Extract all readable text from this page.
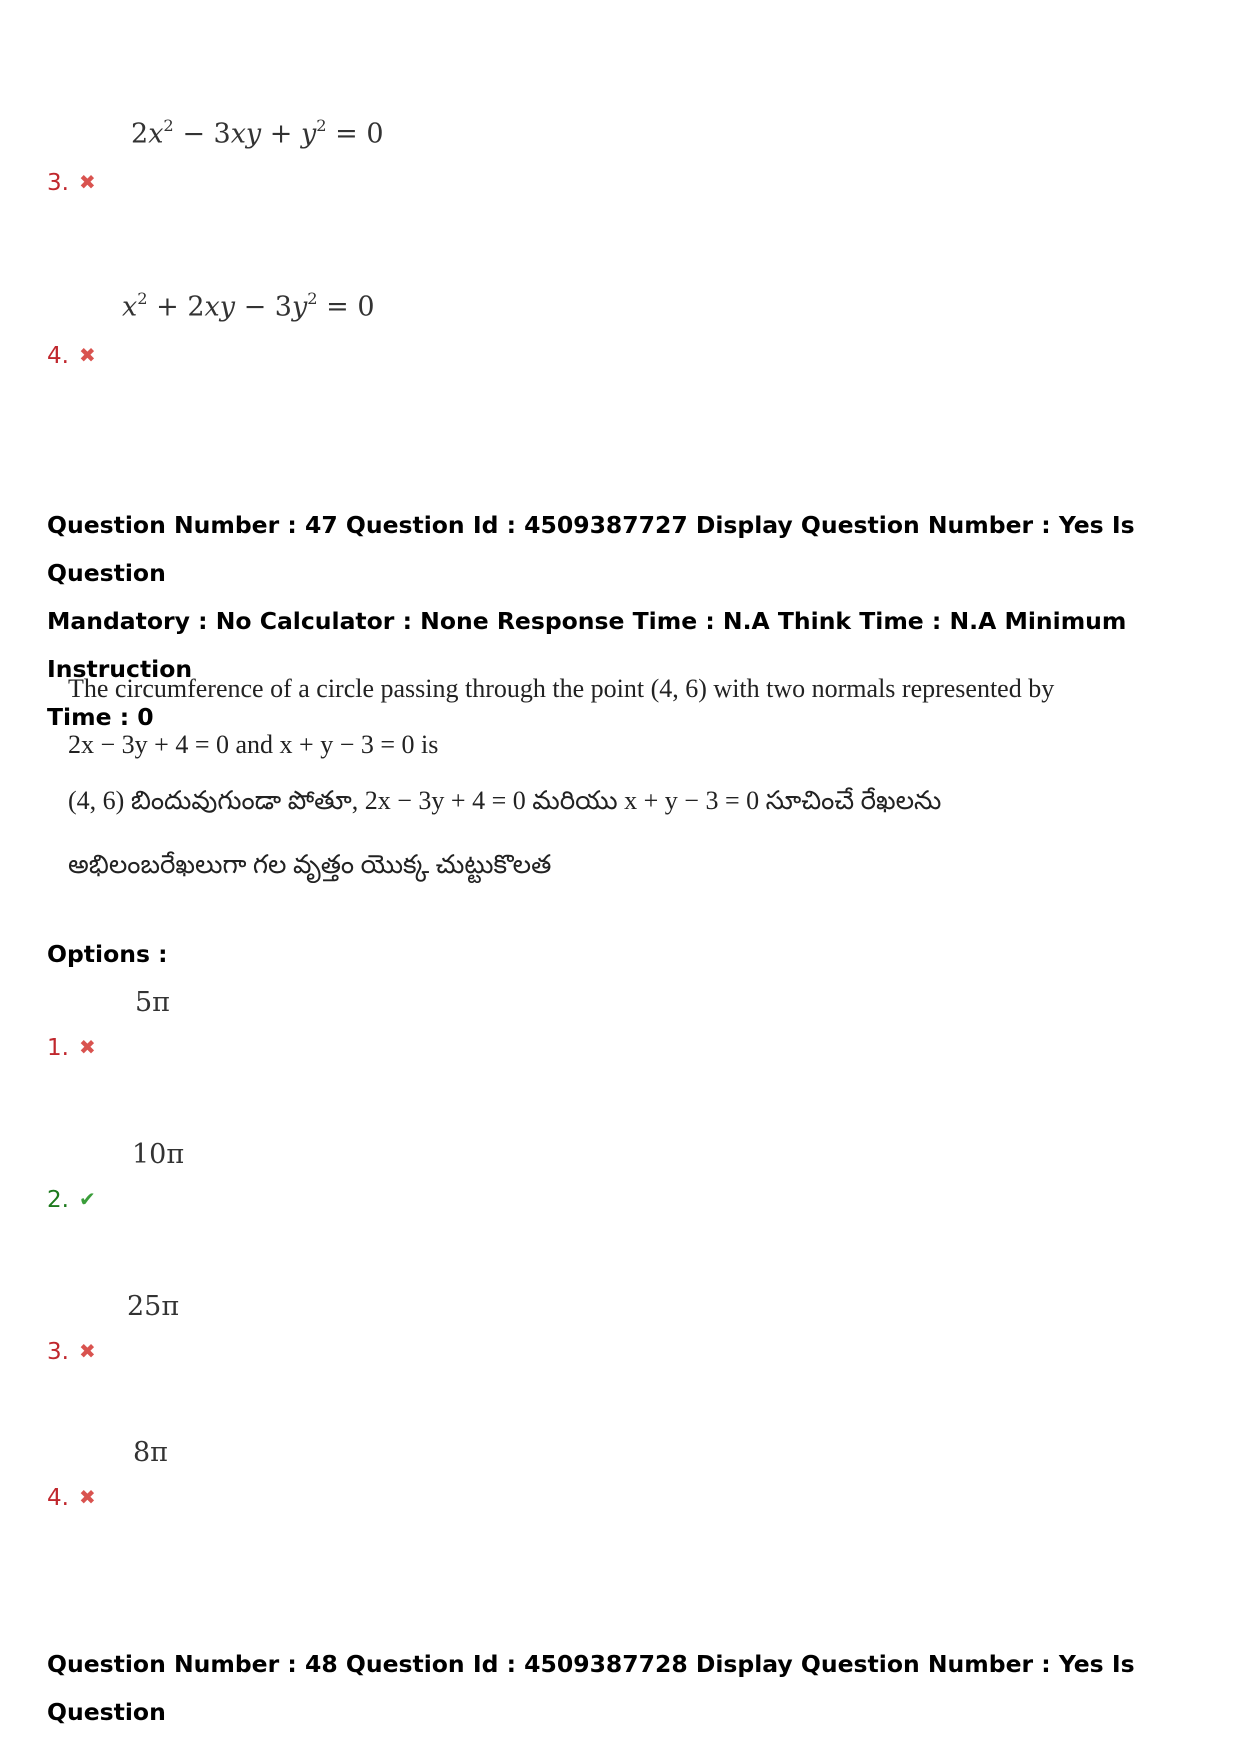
3. ✖
$2x^2 - 3xy + y^2 = 0$
4. ✖
$x^2 + 2xy - 3y^2 = 0$
Question Number : 47 Question Id : 4509387727 Display Question Number : Yes Is Question
Mandatory : No Calculator : None Response Time : N.A Think Time : N.A Minimum Instruction
Time : 0
The circumference of a circle passing through the point (4, 6) with two normals represented by
2x − 3y + 4 = 0 and x + y − 3 = 0 is
(4, 6) బిందువుగుండా పోతూ, 2x − 3y + 4 = 0 మరియు x + y − 3 = 0 సూచించే రేఖలను
అభిలంబరేఖలుగా గల వృత్తం యొక్క చుట్టుకొలత
Options :
1. ✖
5π
2. ✔
10π
3. ✖
25π
4. ✖
8π
Question Number : 48 Question Id : 4509387728 Display Question Number : Yes Is Question
